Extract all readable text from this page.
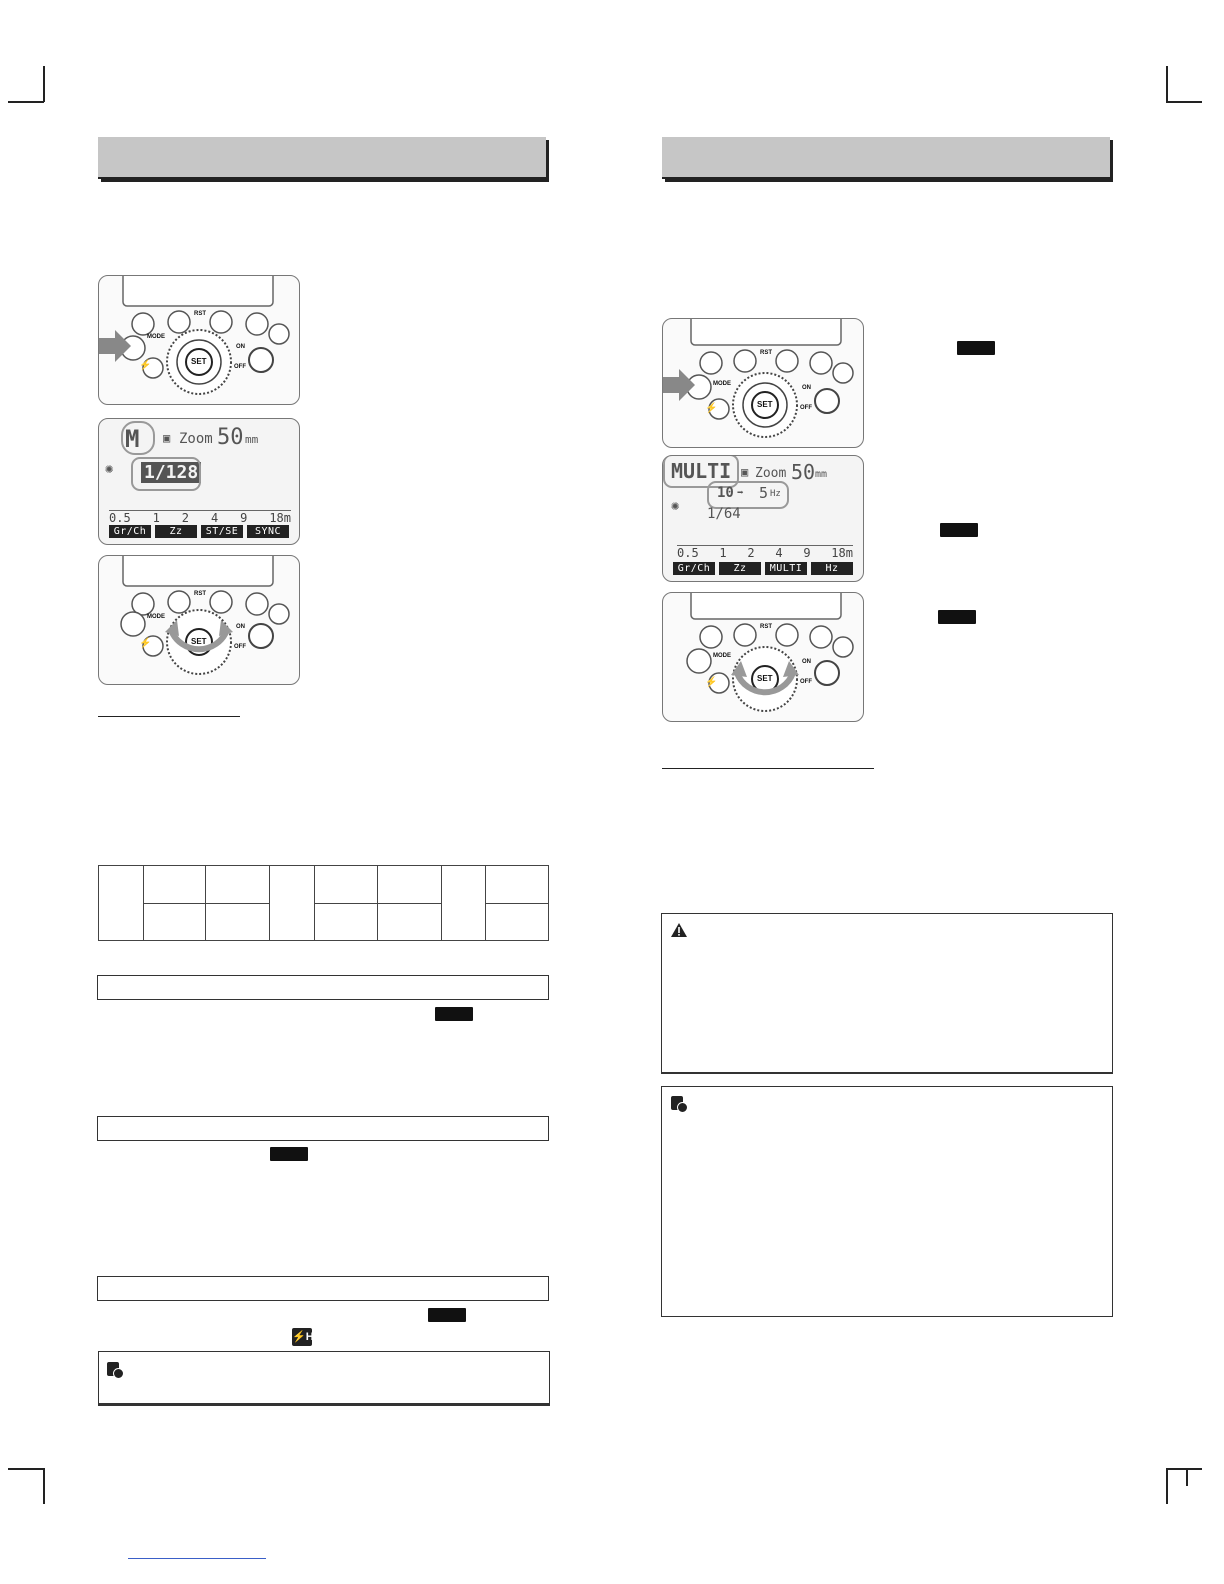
MODE
RST
SET
ON
OFF
⚡
M ▣ Zoom 50 mm
✺ 1/128
0.5 1 2 4 9 18m
Gr/Ch	Zz	ST/SE	SYNC
MODE
RST
SET
ON
OFF
⚡

⚡H
MODE
RST
SET
ON
OFF
⚡
MULTI ▣ Zoom 50 mm
10 ➡ 5 Hz
✺ 1/64
0.5 1 2 4 9 18m
Gr/Ch	Zz	MULTI	Hz
MODE
RST
SET
ON
OFF
⚡
